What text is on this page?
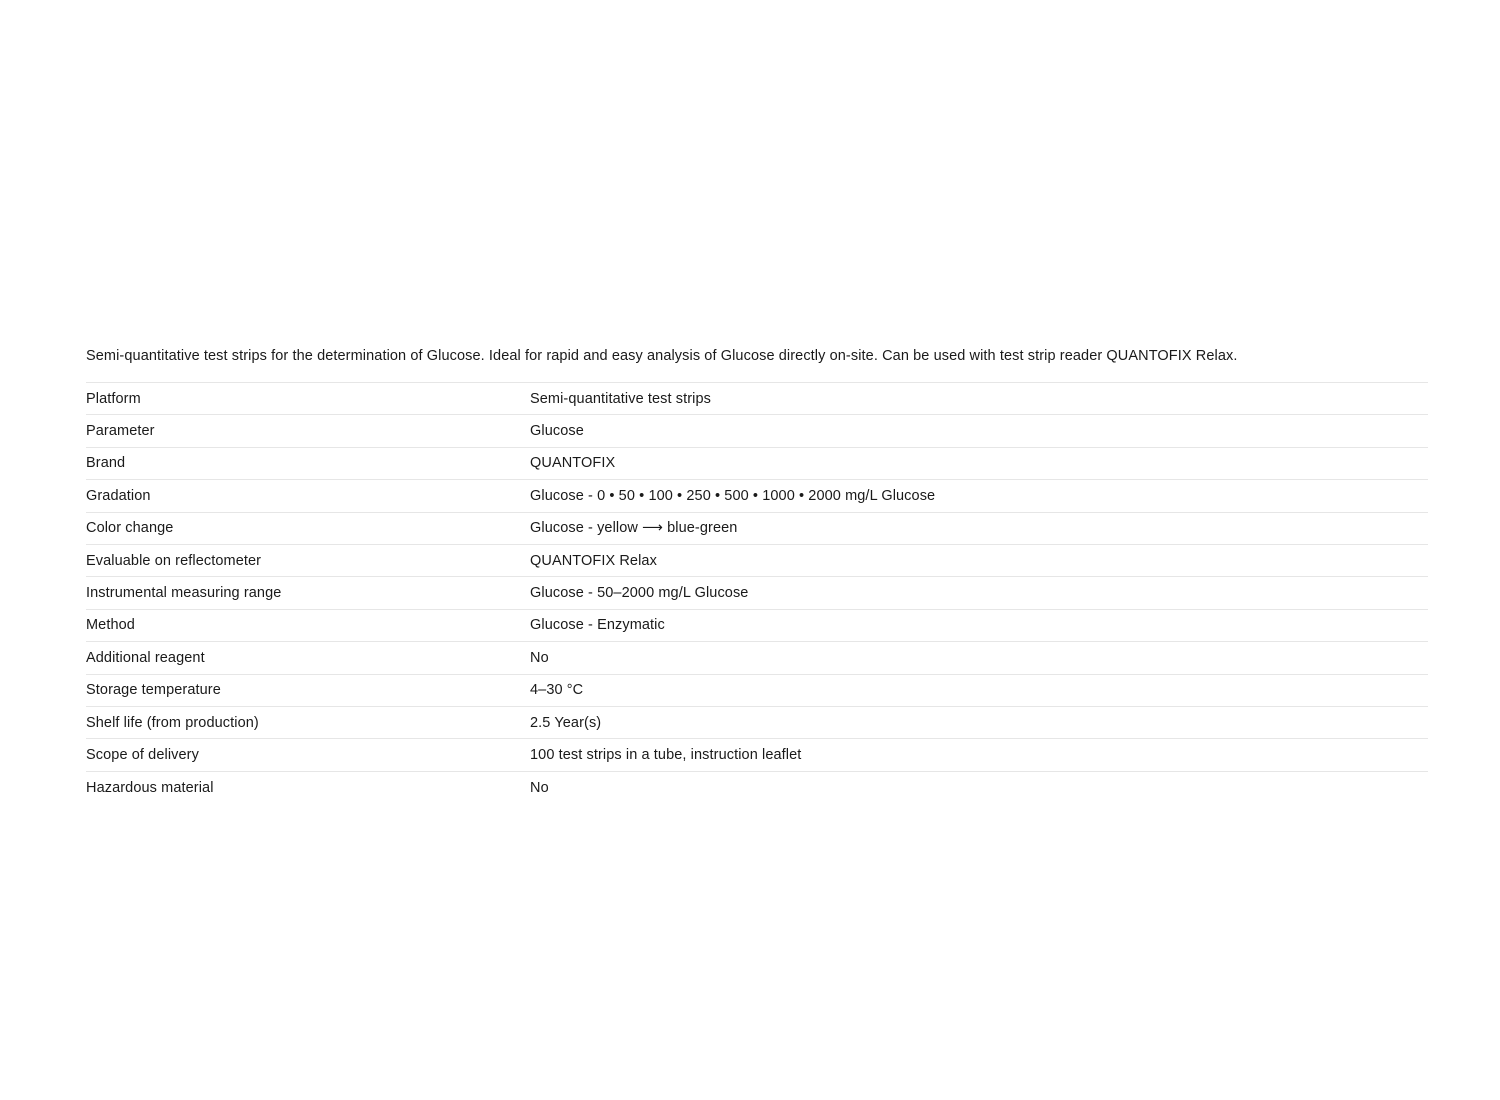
Semi-quantitative test strips for the determination of Glucose. Ideal for rapid and easy analysis of Glucose directly on-site. Can be used with test strip reader QUANTOFIX Relax.

Platform	Semi-quantitative test strips
Parameter	Glucose
Brand	QUANTOFIX
Gradation	Glucose - 0 • 50 • 100 • 250 • 500 • 1000 • 2000 mg/L Glucose
Color change	Glucose - yellow ⟶ blue-green
Evaluable on reflectometer	QUANTOFIX Relax
Instrumental measuring range	Glucose - 50–2000 mg/L Glucose
Method	Glucose - Enzymatic
Additional reagent	No
Storage temperature	4–30 °C
Shelf life (from production)	2.5 Year(s)
Scope of delivery	100 test strips in a tube, instruction leaflet
Hazardous material	No
